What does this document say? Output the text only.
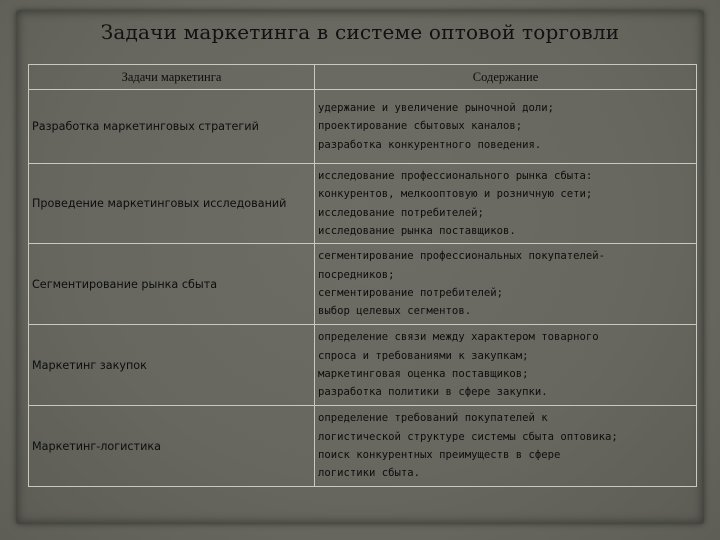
Задачи маркетинга в системе оптовой торговли
Задачи маркетинга	Содержание
Разработка маркетинговых стратегий	удержание и увеличение рыночной доли;
проектирование сбытовых каналов;
разработка конкурентного поведения.

Проведение маркетинговых исследований	исследование профессионального рынка сбыта:
конкурентов, мелкооптовую и розничную сети;
исследование потребителей;
исследование рынка поставщиков.

Сегментирование рынка сбыта	сегментирование профессиональных покупателей-
посредников;
сегментирование потребителей;
выбор целевых сегментов.

Маркетинг закупок	определение связи между характером товарного
спроса и требованиями к закупкам;
маркетинговая оценка поставщиков;
разработка политики в сфере закупки.

Маркетинг-логистика	определение требований покупателей к
логистической структуре системы сбыта оптовика;
поиск конкурентных преимуществ в сфере
логистики сбыта.
